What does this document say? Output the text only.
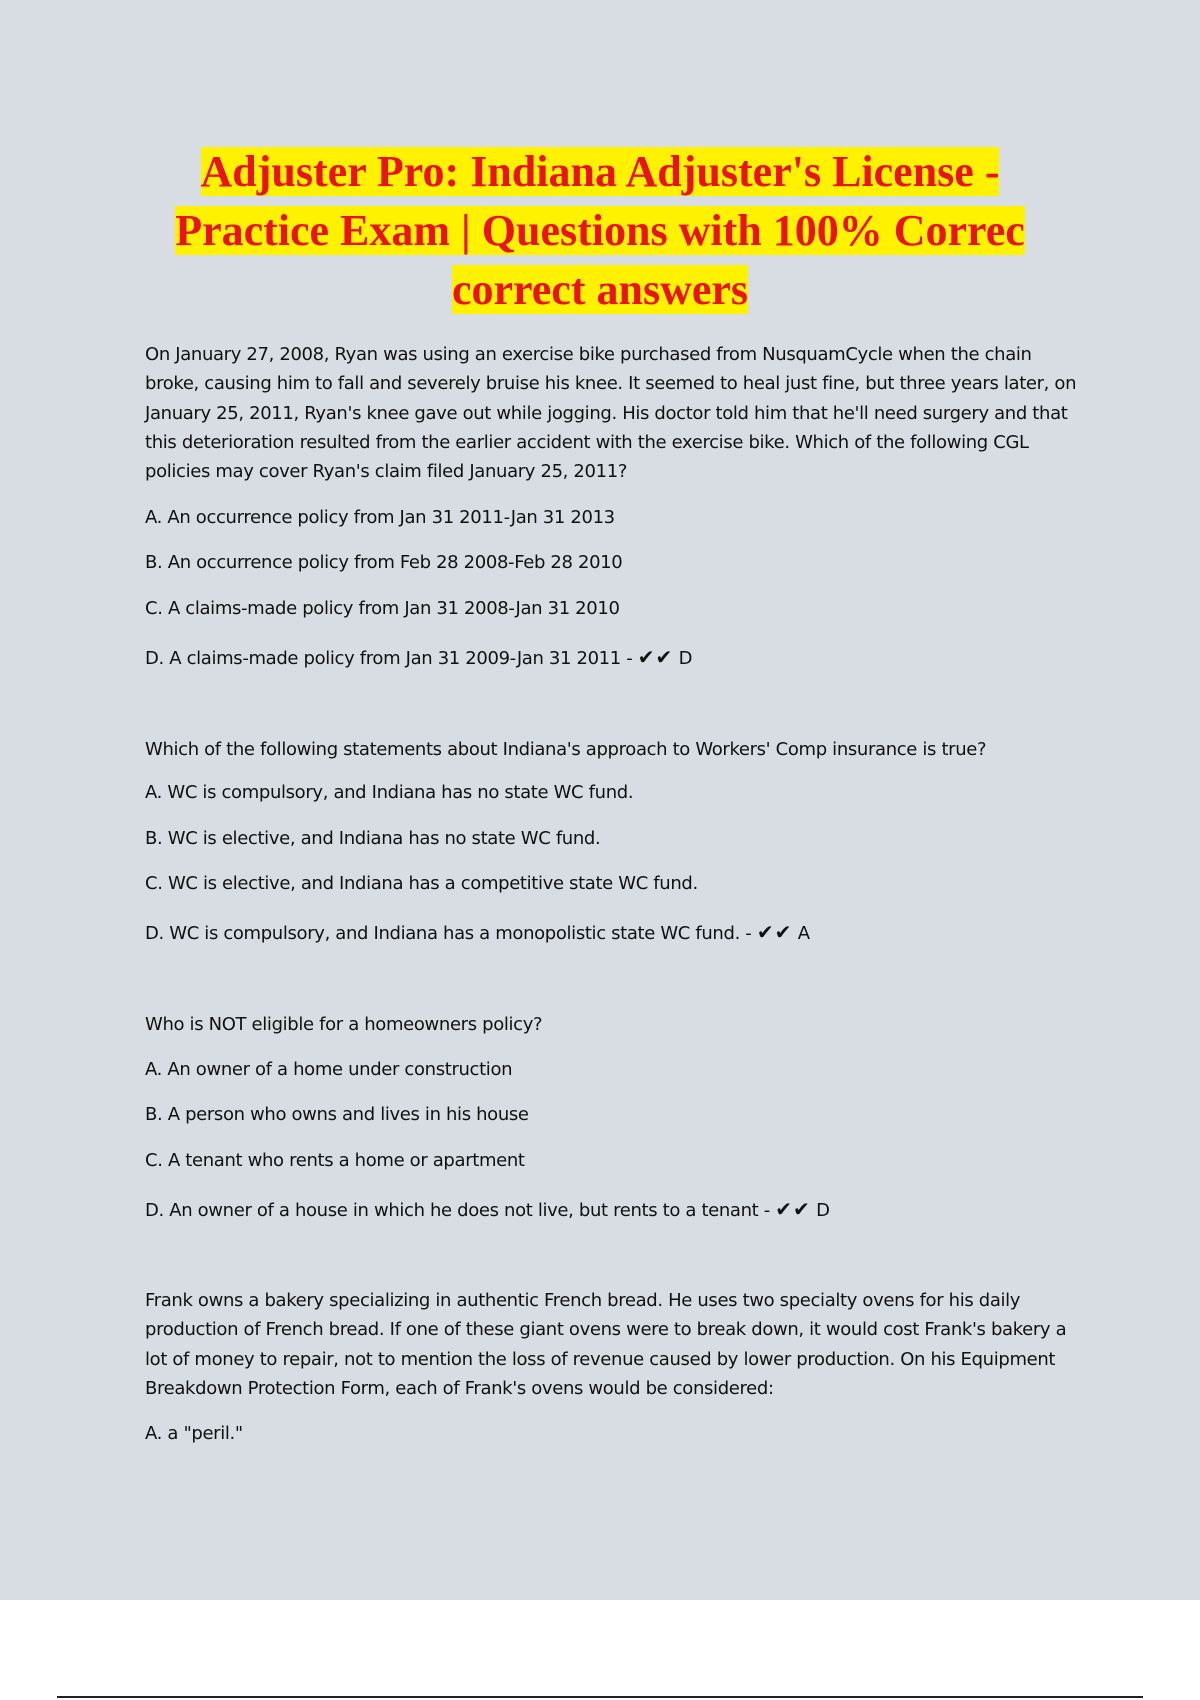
Adjuster Pro: Indiana Adjuster's License -
Practice Exam | Questions with 100% Correc
correct answers

On January 27, 2008, Ryan was using an exercise bike purchased from NusquamCycle when the chain broke, causing him to fall and severely bruise his knee. It seemed to heal just fine, but three years later, on January 25, 2011, Ryan's knee gave out while jogging. His doctor told him that he'll need surgery and that this deterioration resulted from the earlier accident with the exercise bike. Which of the following CGL policies may cover Ryan's claim filed January 25, 2011?

A. An occurrence policy from Jan 31 2011-Jan 31 2013

B. An occurrence policy from Feb 28 2008-Feb 28 2010

C. A claims-made policy from Jan 31 2008-Jan 31 2010

D. A claims-made policy from Jan 31 2009-Jan 31 2011 - ✔✔ D

Which of the following statements about Indiana's approach to Workers' Comp insurance is true?

A. WC is compulsory, and Indiana has no state WC fund.

B. WC is elective, and Indiana has no state WC fund.

C. WC is elective, and Indiana has a competitive state WC fund.

D. WC is compulsory, and Indiana has a monopolistic state WC fund. - ✔✔ A

Who is NOT eligible for a homeowners policy?

A. An owner of a home under construction

B. A person who owns and lives in his house

C. A tenant who rents a home or apartment

D. An owner of a house in which he does not live, but rents to a tenant - ✔✔ D

Frank owns a bakery specializing in authentic French bread. He uses two specialty ovens for his daily production of French bread. If one of these giant ovens were to break down, it would cost Frank's bakery a lot of money to repair, not to mention the loss of revenue caused by lower production. On his Equipment Breakdown Protection Form, each of Frank's ovens would be considered:

A. a "peril."
